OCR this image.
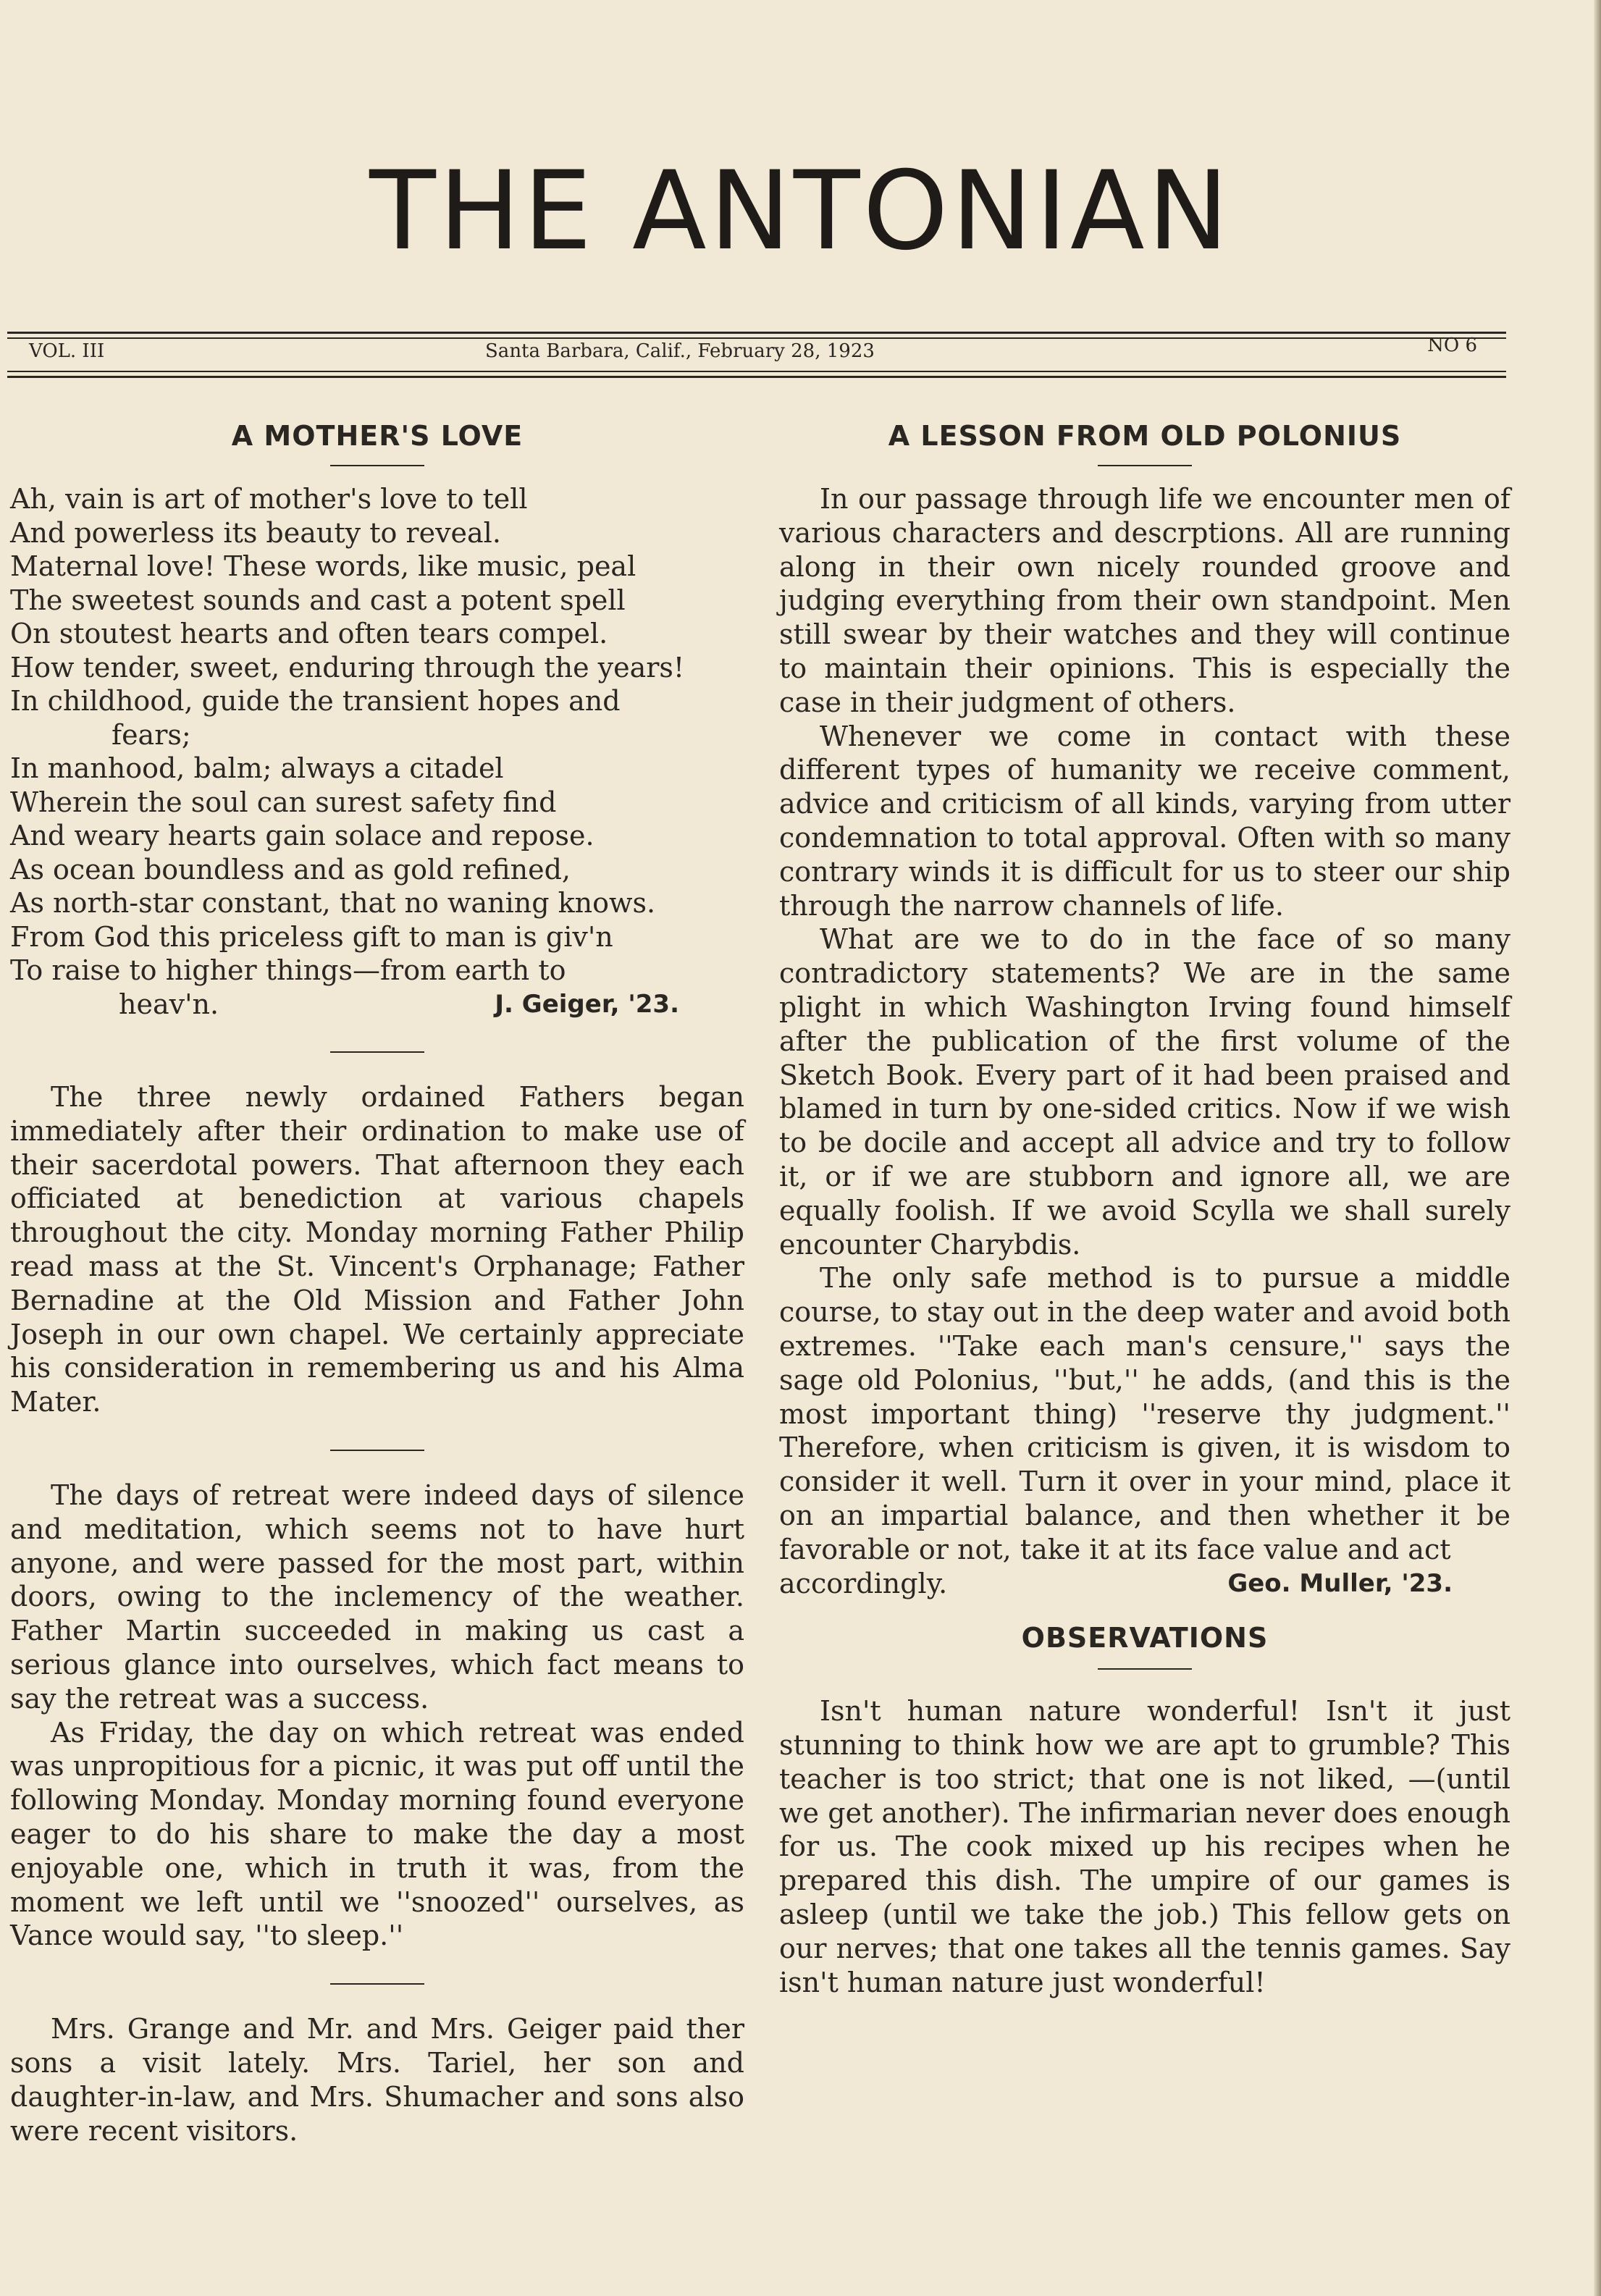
THE ANTONIAN
VOL. III	Santa Barbara, Calif., February 28, 1923	NO 6
A MOTHER'S LOVE
Ah, vain is art of mother's love to tell
And powerless its beauty to reveal.
Maternal love! These words, like music, peal
The sweetest sounds and cast a potent spell
On stoutest hearts and often tears compel.
How tender, sweet, enduring through the years!
In childhood, guide the transient hopes and
fears;
In manhood, balm; always a citadel
Wherein the soul can surest safety find
And weary hearts gain solace and repose.
As ocean boundless and as gold refined,
As north-star constant, that no waning knows.
From God this priceless gift to man is giv'n
To raise to higher things—from earth to
heav'n.	J. Geiger, '23.

The three newly ordained Fathers began immediately after their ordination to make use of their sacerdotal powers. That afternoon they each officiated at benediction at various chapels throughout the city. Monday morning Father Philip read mass at the St. Vincent's Orphanage; Father Bernadine at the Old Mission and Father John Joseph in our own chapel. We certainly appreciate his consideration in remembering us and his Alma Mater.

The days of retreat were indeed days of silence and meditation, which seems not to have hurt anyone, and were passed for the most part, within doors, owing to the inclemency of the weather. Father Martin succeeded in making us cast a serious glance into ourselves, which fact means to say the retreat was a success.

As Friday, the day on which retreat was ended was unpropitious for a picnic, it was put off until the following Monday. Monday morning found everyone eager to do his share to make the day a most enjoyable one, which in truth it was, from the moment we left until we ''snoozed'' ourselves, as Vance would say, ''to sleep.''

Mrs. Grange and Mr. and Mrs. Geiger paid ther sons a visit lately. Mrs. Tariel, her son and daughter-in-law, and Mrs. Shumacher and sons also were recent visitors.

A LESSON FROM OLD POLONIUS

In our passage through life we encounter men of various characters and descrptions. All are running along in their own nicely rounded groove and judging everything from their own standpoint. Men still swear by their watches and they will continue to maintain their opinions. This is especially the case in their judgment of others.

Whenever we come in contact with these different types of humanity we receive comment, advice and criticism of all kinds, varying from utter condemnation to total approval. Often with so many contrary winds it is difficult for us to steer our ship through the narrow channels of life.

What are we to do in the face of so many contradictory statements? We are in the same plight in which Washington Irving found himself after the publication of the first volume of the Sketch Book. Every part of it had been praised and blamed in turn by one-sided critics. Now if we wish to be docile and accept all advice and try to follow it, or if we are stubborn and ignore all, we are equally foolish. If we avoid Scylla we shall surely encounter Charybdis.

The only safe method is to pursue a middle course, to stay out in the deep water and avoid both extremes. ''Take each man's censure,'' says the sage old Polonius, ''but,'' he adds, (and this is the most important thing) ''reserve thy judgment.'' Therefore, when criticism is given, it is wisdom to consider it well. Turn it over in your mind, place it on an impartial balance, and then whether it be favorable or not, take it at its face value and act

accordingly.	Geo. Muller, '23.
OBSERVATIONS

Isn't human nature wonderful! Isn't it just stunning to think how we are apt to grumble? This teacher is too strict; that one is not liked, —(until we get another). The infirmarian never does enough for us. The cook mixed up his recipes when he prepared this dish. The umpire of our games is asleep (until we take the job.) This fellow gets on our nerves; that one takes all the tennis games. Say isn't human nature just wonderful!
